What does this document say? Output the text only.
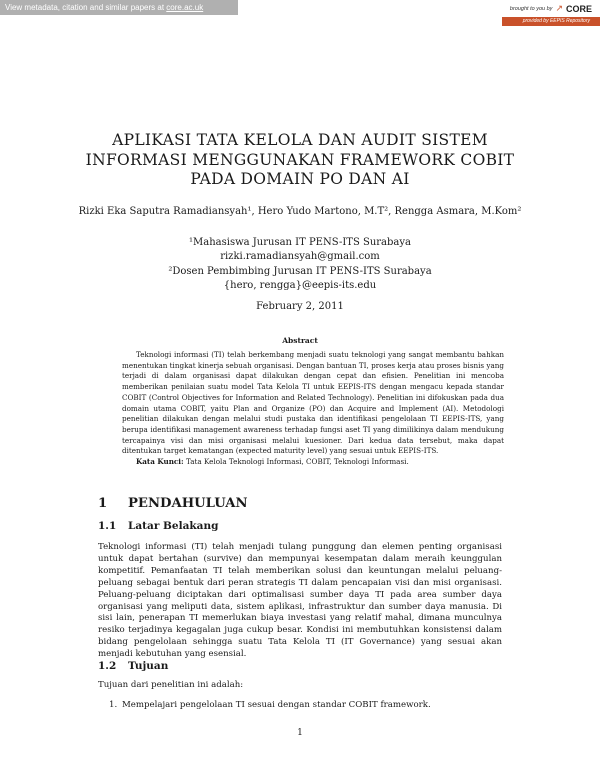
View metadata, citation and similar papers at core.ac.uk	brought to you by ↗ CORE
provided by EEPIS Repository
APLIKASI TATA KELOLA DAN AUDIT SISTEM
INFORMASI MENGGUNAKAN FRAMEWORK COBIT
PADA DOMAIN PO DAN AI
Rizki Eka Saputra Ramadiansyah¹, Hero Yudo Martono, M.T², Rengga Asmara, M.Kom²
¹Mahasiswa Jurusan IT PENS-ITS Surabaya
rizki.ramadiansyah@gmail.com
²Dosen Pembimbing Jurusan IT PENS-ITS Surabaya
{hero, rengga}@eepis-its.edu
February 2, 2011
Abstract

Teknologi informasi (TI) telah berkembang menjadi suatu teknologi yang sangat membantu bahkan menentukan tingkat kinerja sebuah organisasi. Dengan bantuan TI, proses kerja atau proses bisnis yang terjadi di dalam organisasi dapat dilakukan dengan cepat dan efisien. Penelitian ini mencoba memberikan penilaian suatu model Tata Kelola TI untuk EEPIS-ITS dengan mengacu kepada standar COBIT (Control Objectives for Information and Related Technology). Penelitian ini difokuskan pada dua domain utama COBIT, yaitu Plan and Organize (PO) dan Acquire and Implement (AI). Metodologi penelitian dilakukan dengan melalui studi pustaka dan identifikasi pengelolaan TI EEPIS-ITS, yang berupa identifikasi management awareness terhadap fungsi aset TI yang dimilikinya dalam mendukung tercapainya visi dan misi organisasi melalui kuesioner. Dari kedua data tersebut, maka dapat ditentukan target kematangan (expected maturity level) yang sesuai untuk EEPIS-ITS.

Kata Kunci: Tata Kelola Teknologi Informasi, COBIT, Teknologi Informasi.

1 PENDAHULUAN
1.1 Latar Belakang
Teknologi informasi (TI) telah menjadi tulang punggung dan elemen penting organisasi untuk dapat bertahan (survive) dan mempunyai kesempatan dalam meraih keunggulan kompetitif. Pemanfaatan TI telah memberikan solusi dan keuntungan melalui peluang- peluang sebagai bentuk dari peran strategis TI dalam pencapaian visi dan misi organisasi. Peluang-peluang diciptakan dari optimalisasi sumber daya TI pada area sumber daya organisasi yang meliputi data, sistem aplikasi, infrastruktur dan sumber daya manusia. Di sisi lain, penerapan TI memerlukan biaya investasi yang relatif mahal, dimana munculnya resiko terjadinya kegagalan juga cukup besar. Kondisi ini membutuhkan konsistensi dalam bidang pengelolaan sehingga suatu Tata Kelola TI (IT Governance) yang sesuai akan menjadi kebutuhan yang esensial.
1.2 Tujuan
Tujuan dari penelitian ini adalah:
1. Mempelajari pengelolaan TI sesuai dengan standar COBIT framework.
1
